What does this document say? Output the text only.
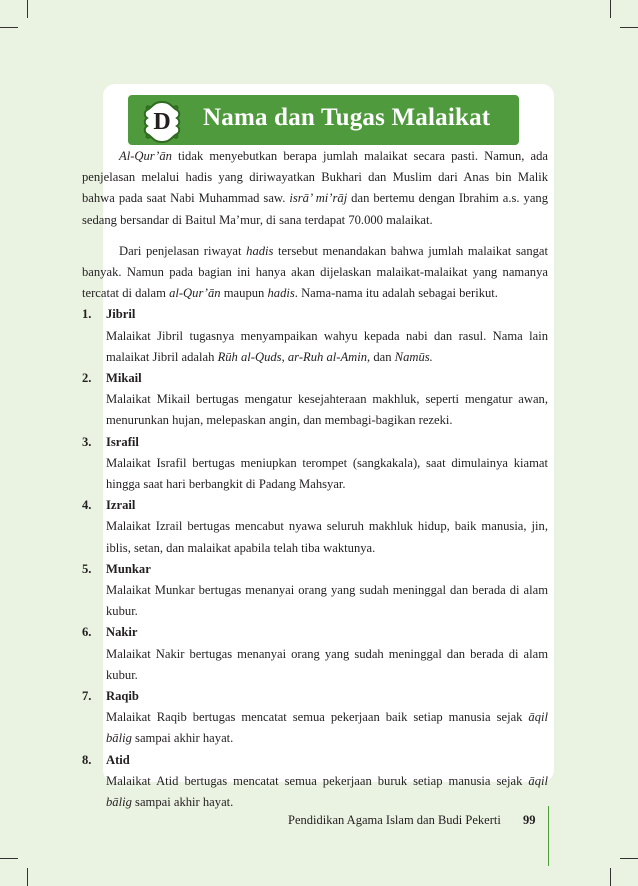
D Nama dan Tugas Malaikat

Al-Qur’ān tidak menyebutkan berapa jumlah malaikat secara pasti. Namun, ada penjelasan melalui hadis yang diriwayatkan Bukhari dan Muslim dari Anas bin Malik bahwa pada saat Nabi Muhammad saw. isrā’ mi’rāj dan bertemu dengan Ibrahim a.s. yang sedang bersandar di Baitul Ma’mur, di sana terdapat 70.000 malaikat.

Dari penjelasan riwayat hadis tersebut menandakan bahwa jumlah malaikat sangat banyak. Namun pada bagian ini hanya akan dijelaskan malaikat-malaikat yang namanya tercatat di dalam al-Qur’ān maupun hadis. Nama-nama itu adalah sebagai berikut.

1. Jibril
Malaikat Jibril tugasnya menyampaikan wahyu kepada nabi dan rasul. Nama lain malaikat Jibril adalah Rūh al-Quds, ar-Ruh al-Amin, dan Namūs.
2. Mikail
Malaikat Mikail bertugas mengatur kesejahteraan makhluk, seperti mengatur awan, menurunkan hujan, melepaskan angin, dan membagi-bagikan rezeki.
3. Israfil
Malaikat Israfil bertugas meniupkan terompet (sangkakala), saat dimulainya kiamat hingga saat hari berbangkit di Padang Mahsyar.
4. Izrail
Malaikat Izrail bertugas mencabut nyawa seluruh makhluk hidup, baik manusia, jin, iblis, setan, dan malaikat apabila telah tiba waktunya.
5. Munkar
Malaikat Munkar bertugas menanyai orang yang sudah meninggal dan berada di alam kubur.
6. Nakir
Malaikat Nakir bertugas menanyai orang yang sudah meninggal dan berada di alam kubur.
7. Raqib
Malaikat Raqib bertugas mencatat semua pekerjaan baik setiap manusia sejak āqil bālig sampai akhir hayat.
8. Atid
Malaikat Atid bertugas mencatat semua pekerjaan buruk setiap manusia sejak āqil bālig sampai akhir hayat.
Pendidikan Agama Islam dan Budi Pekerti 99
